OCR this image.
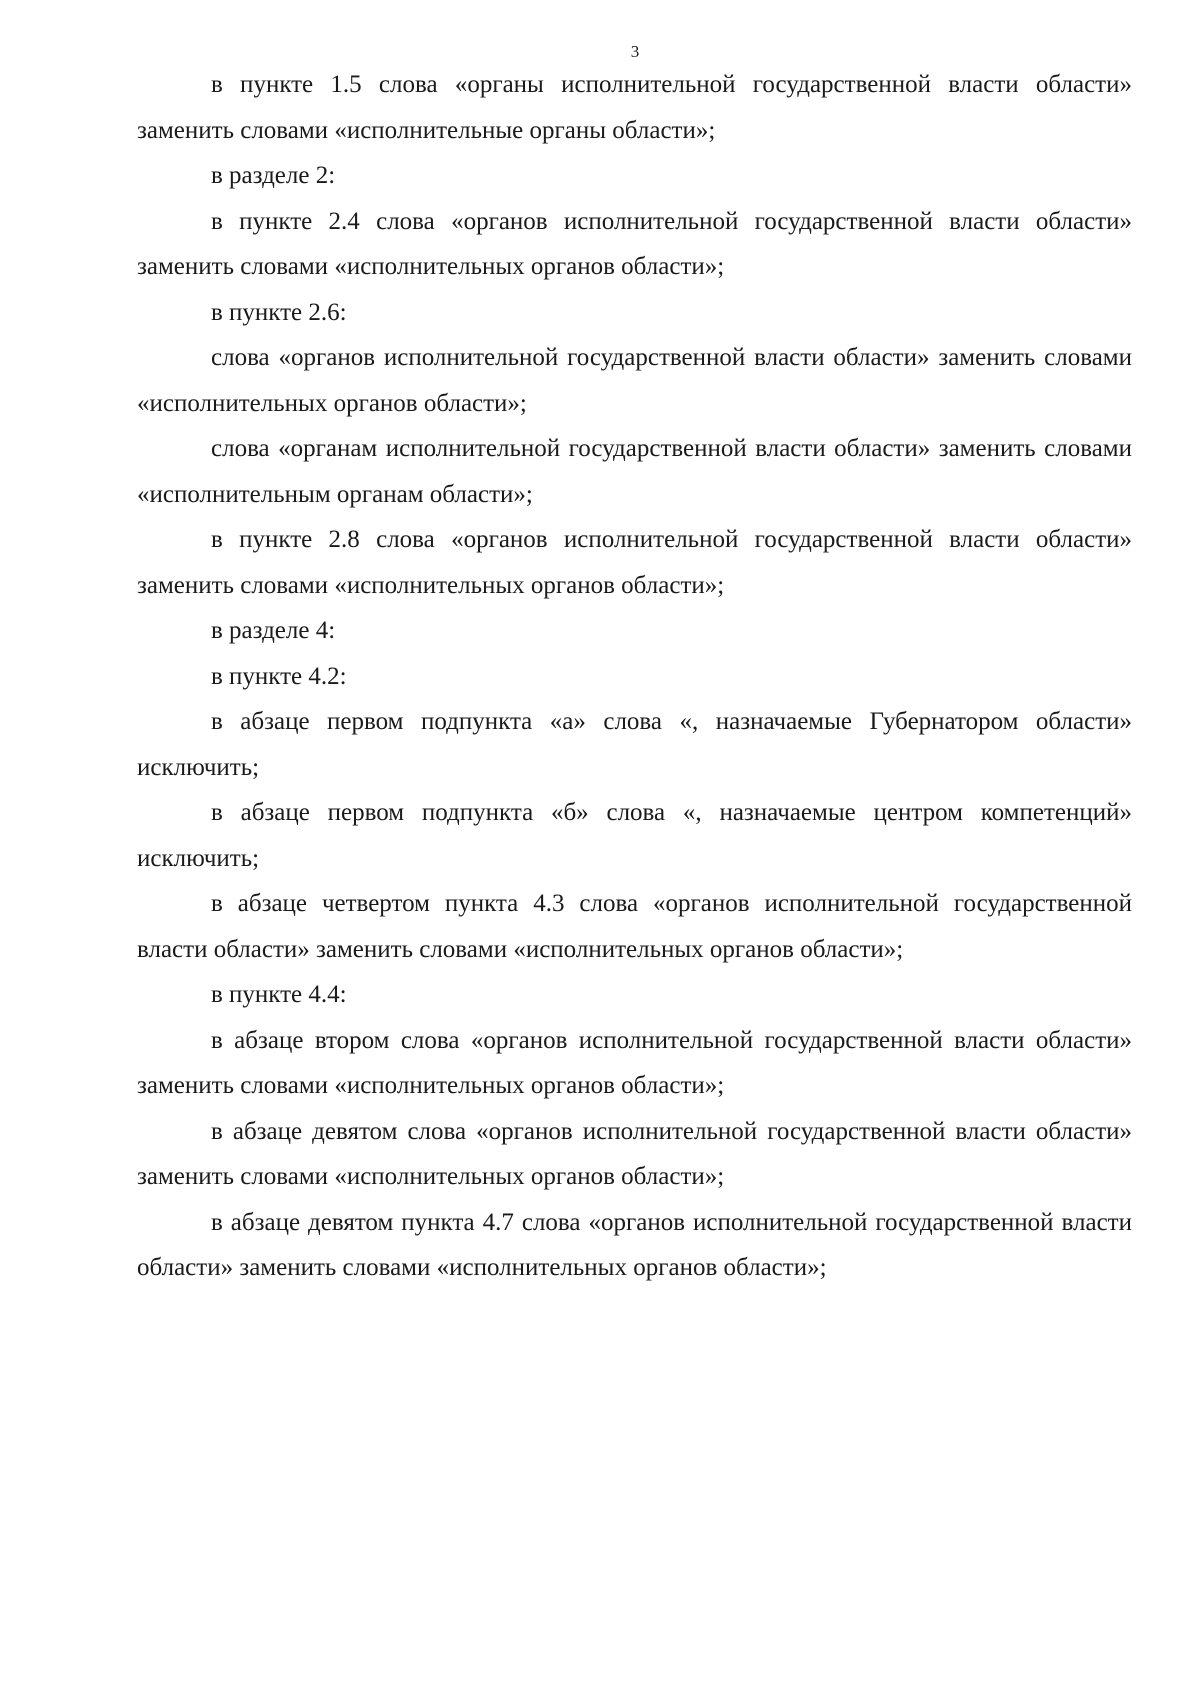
3

в пункте 1.5 слова «органы исполнительной государственной власти области» заменить словами «исполнительные органы области»;

в разделе 2:

в пункте 2.4 слова «органов исполнительной государственной власти области» заменить словами «исполнительных органов области»;

в пункте 2.6:

слова «органов исполнительной государственной власти области» заменить словами «исполнительных органов области»;

слова «органам исполнительной государственной власти области» заменить словами «исполнительным органам области»;

в пункте 2.8 слова «органов исполнительной государственной власти области» заменить словами «исполнительных органов области»;

в разделе 4:

в пункте 4.2:

в абзаце первом подпункта «а» слова «, назначаемые Губернатором области» исключить;

в абзаце первом подпункта «б» слова «, назначаемые центром компетенций» исключить;

в абзаце четвертом пункта 4.3 слова «органов исполнительной государственной власти области» заменить словами «исполнительных органов области»;

в пункте 4.4:

в абзаце втором слова «органов исполнительной государственной власти области» заменить словами «исполнительных органов области»;

в абзаце девятом слова «органов исполнительной государственной власти области» заменить словами «исполнительных органов области»;

в абзаце девятом пункта 4.7 слова «органов исполнительной государственной власти области» заменить словами «исполнительных органов области»;
